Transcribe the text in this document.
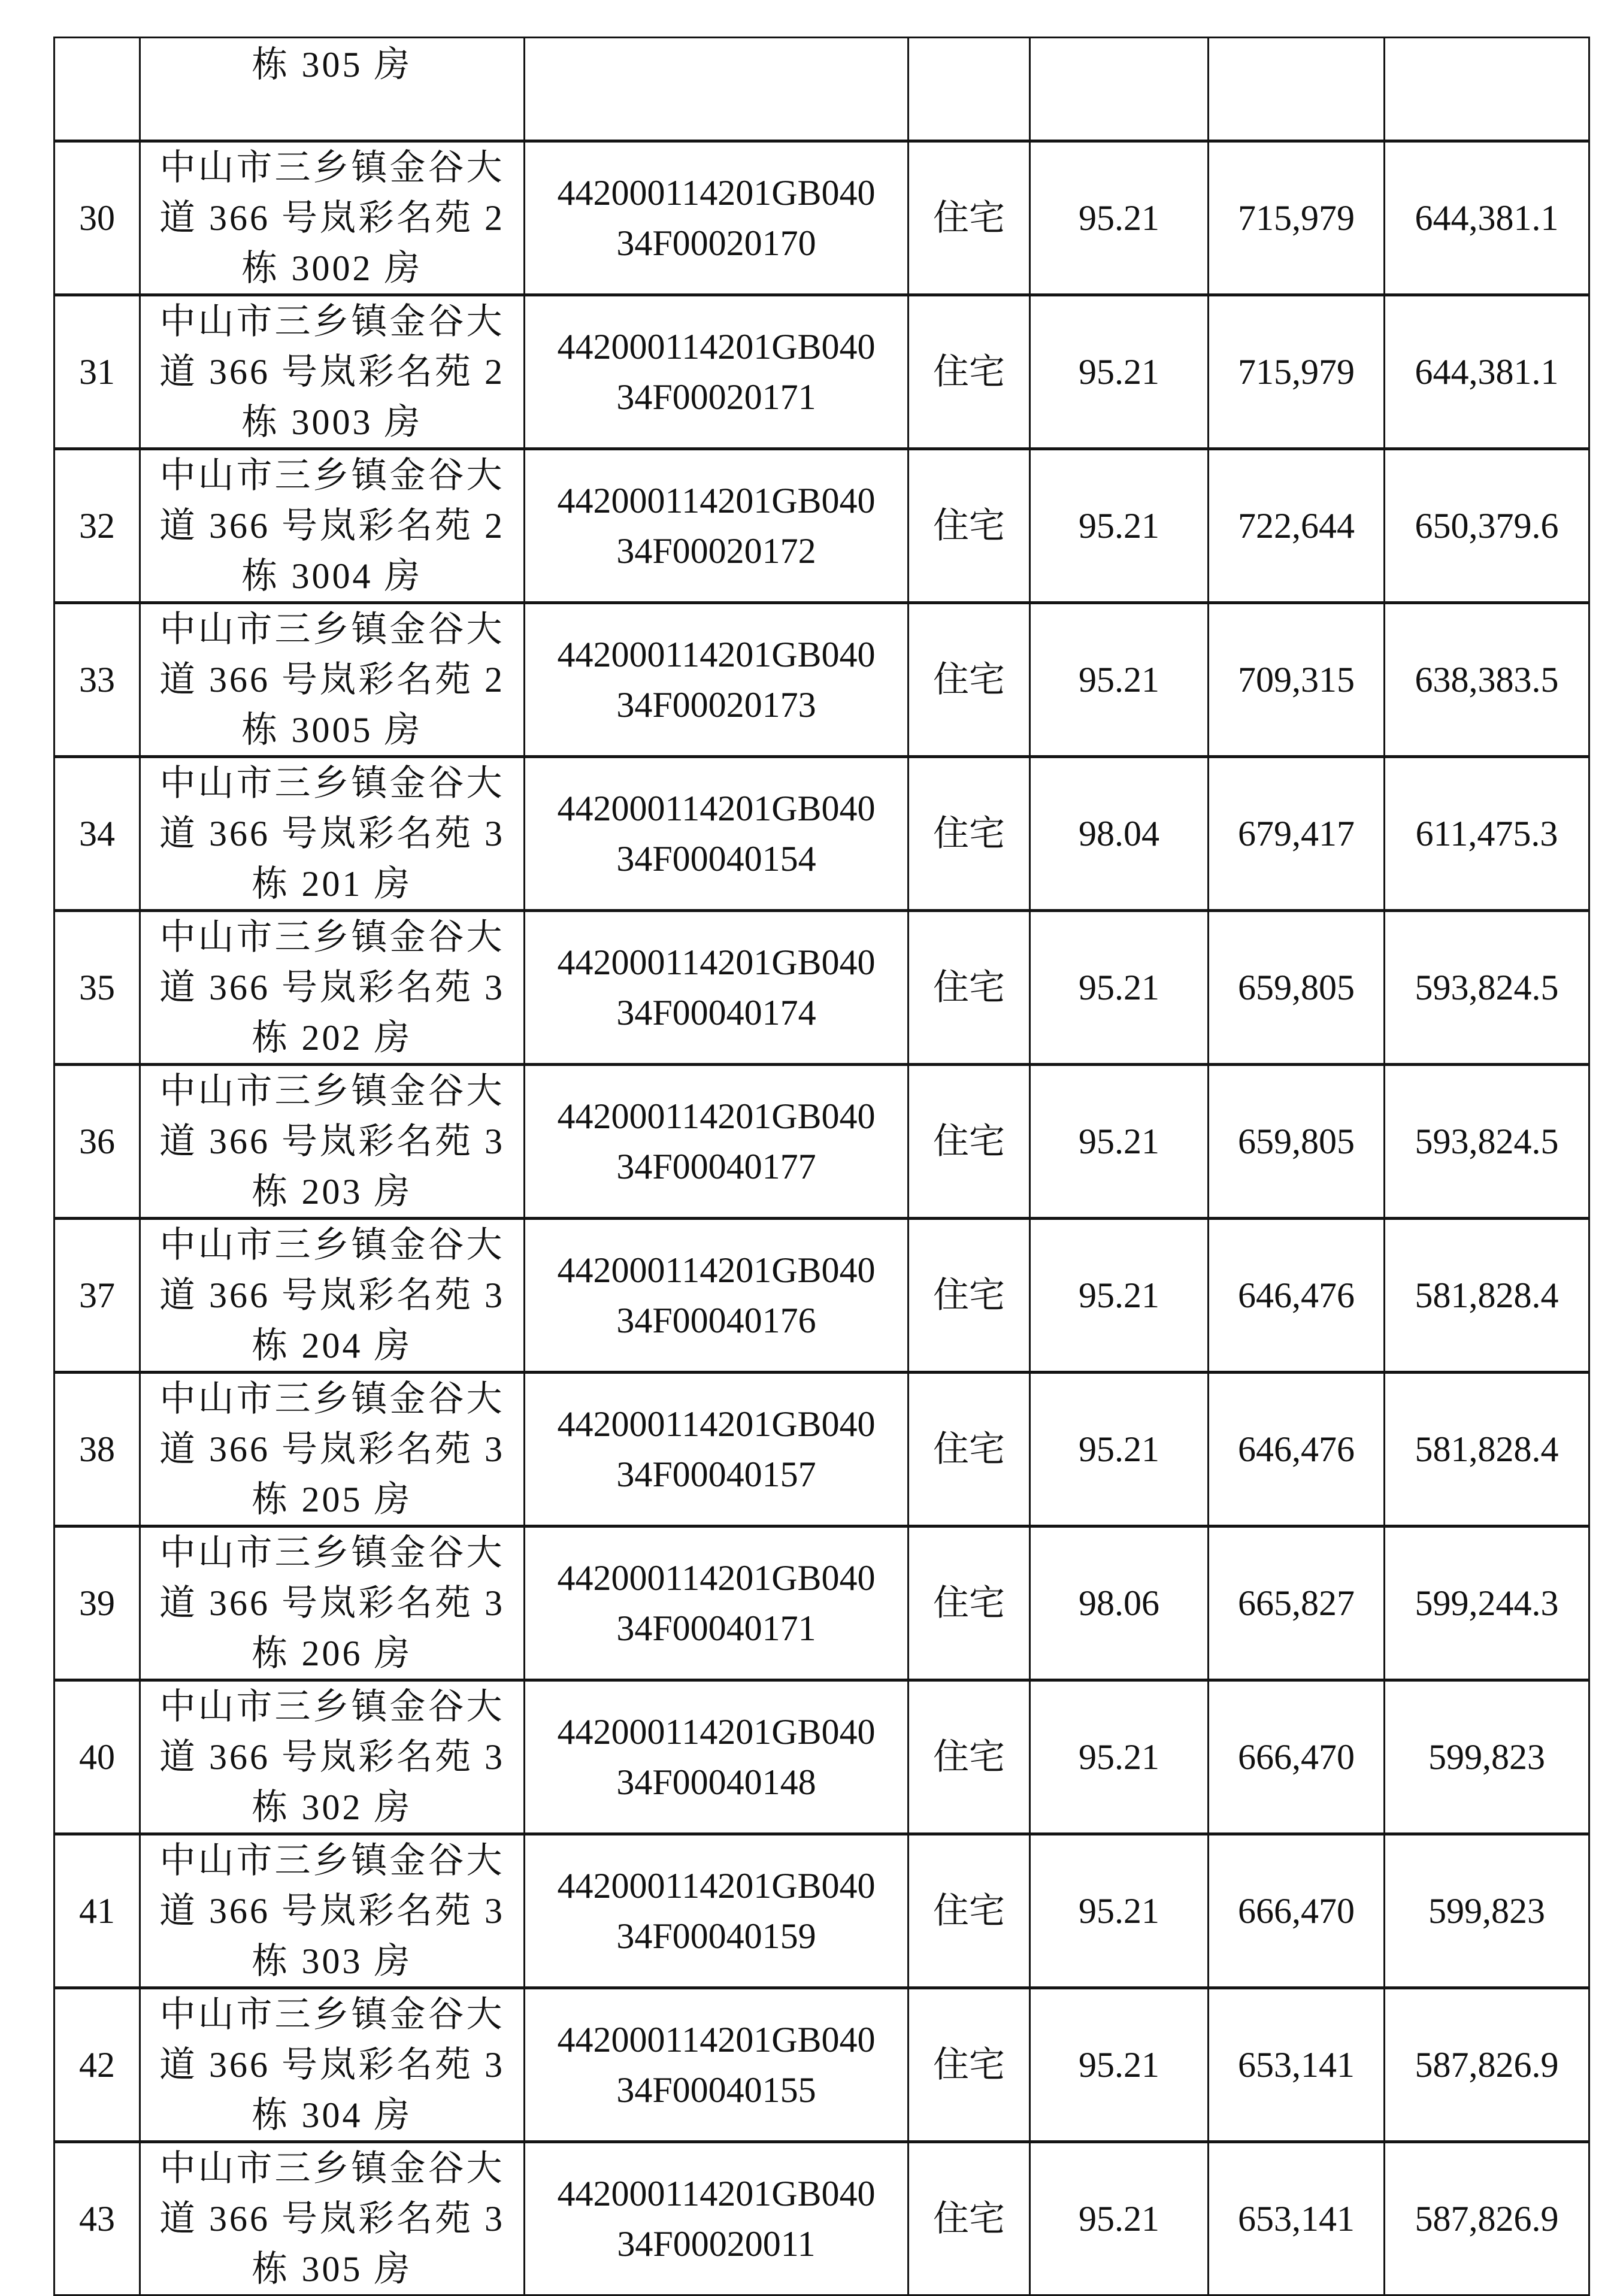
	栋 305 房					

30	中山市三乡镇金谷大
道 366 号岚彩名苑 2
栋 3002 房	442000114201GB040
34F00020170	住宅	95.21	715,979	644,381.1
31	中山市三乡镇金谷大
道 366 号岚彩名苑 2
栋 3003 房	442000114201GB040
34F00020171	住宅	95.21	715,979	644,381.1
32	中山市三乡镇金谷大
道 366 号岚彩名苑 2
栋 3004 房	442000114201GB040
34F00020172	住宅	95.21	722,644	650,379.6
33	中山市三乡镇金谷大
道 366 号岚彩名苑 2
栋 3005 房	442000114201GB040
34F00020173	住宅	95.21	709,315	638,383.5
34	中山市三乡镇金谷大
道 366 号岚彩名苑 3
栋 201 房	442000114201GB040
34F00040154	住宅	98.04	679,417	611,475.3
35	中山市三乡镇金谷大
道 366 号岚彩名苑 3
栋 202 房	442000114201GB040
34F00040174	住宅	95.21	659,805	593,824.5
36	中山市三乡镇金谷大
道 366 号岚彩名苑 3
栋 203 房	442000114201GB040
34F00040177	住宅	95.21	659,805	593,824.5
37	中山市三乡镇金谷大
道 366 号岚彩名苑 3
栋 204 房	442000114201GB040
34F00040176	住宅	95.21	646,476	581,828.4
38	中山市三乡镇金谷大
道 366 号岚彩名苑 3
栋 205 房	442000114201GB040
34F00040157	住宅	95.21	646,476	581,828.4
39	中山市三乡镇金谷大
道 366 号岚彩名苑 3
栋 206 房	442000114201GB040
34F00040171	住宅	98.06	665,827	599,244.3
40	中山市三乡镇金谷大
道 366 号岚彩名苑 3
栋 302 房	442000114201GB040
34F00040148	住宅	95.21	666,470	599,823
41	中山市三乡镇金谷大
道 366 号岚彩名苑 3
栋 303 房	442000114201GB040
34F00040159	住宅	95.21	666,470	599,823
42	中山市三乡镇金谷大
道 366 号岚彩名苑 3
栋 304 房	442000114201GB040
34F00040155	住宅	95.21	653,141	587,826.9
43	中山市三乡镇金谷大
道 366 号岚彩名苑 3
栋 305 房	442000114201GB040
34F00020011	住宅	95.21	653,141	587,826.9
